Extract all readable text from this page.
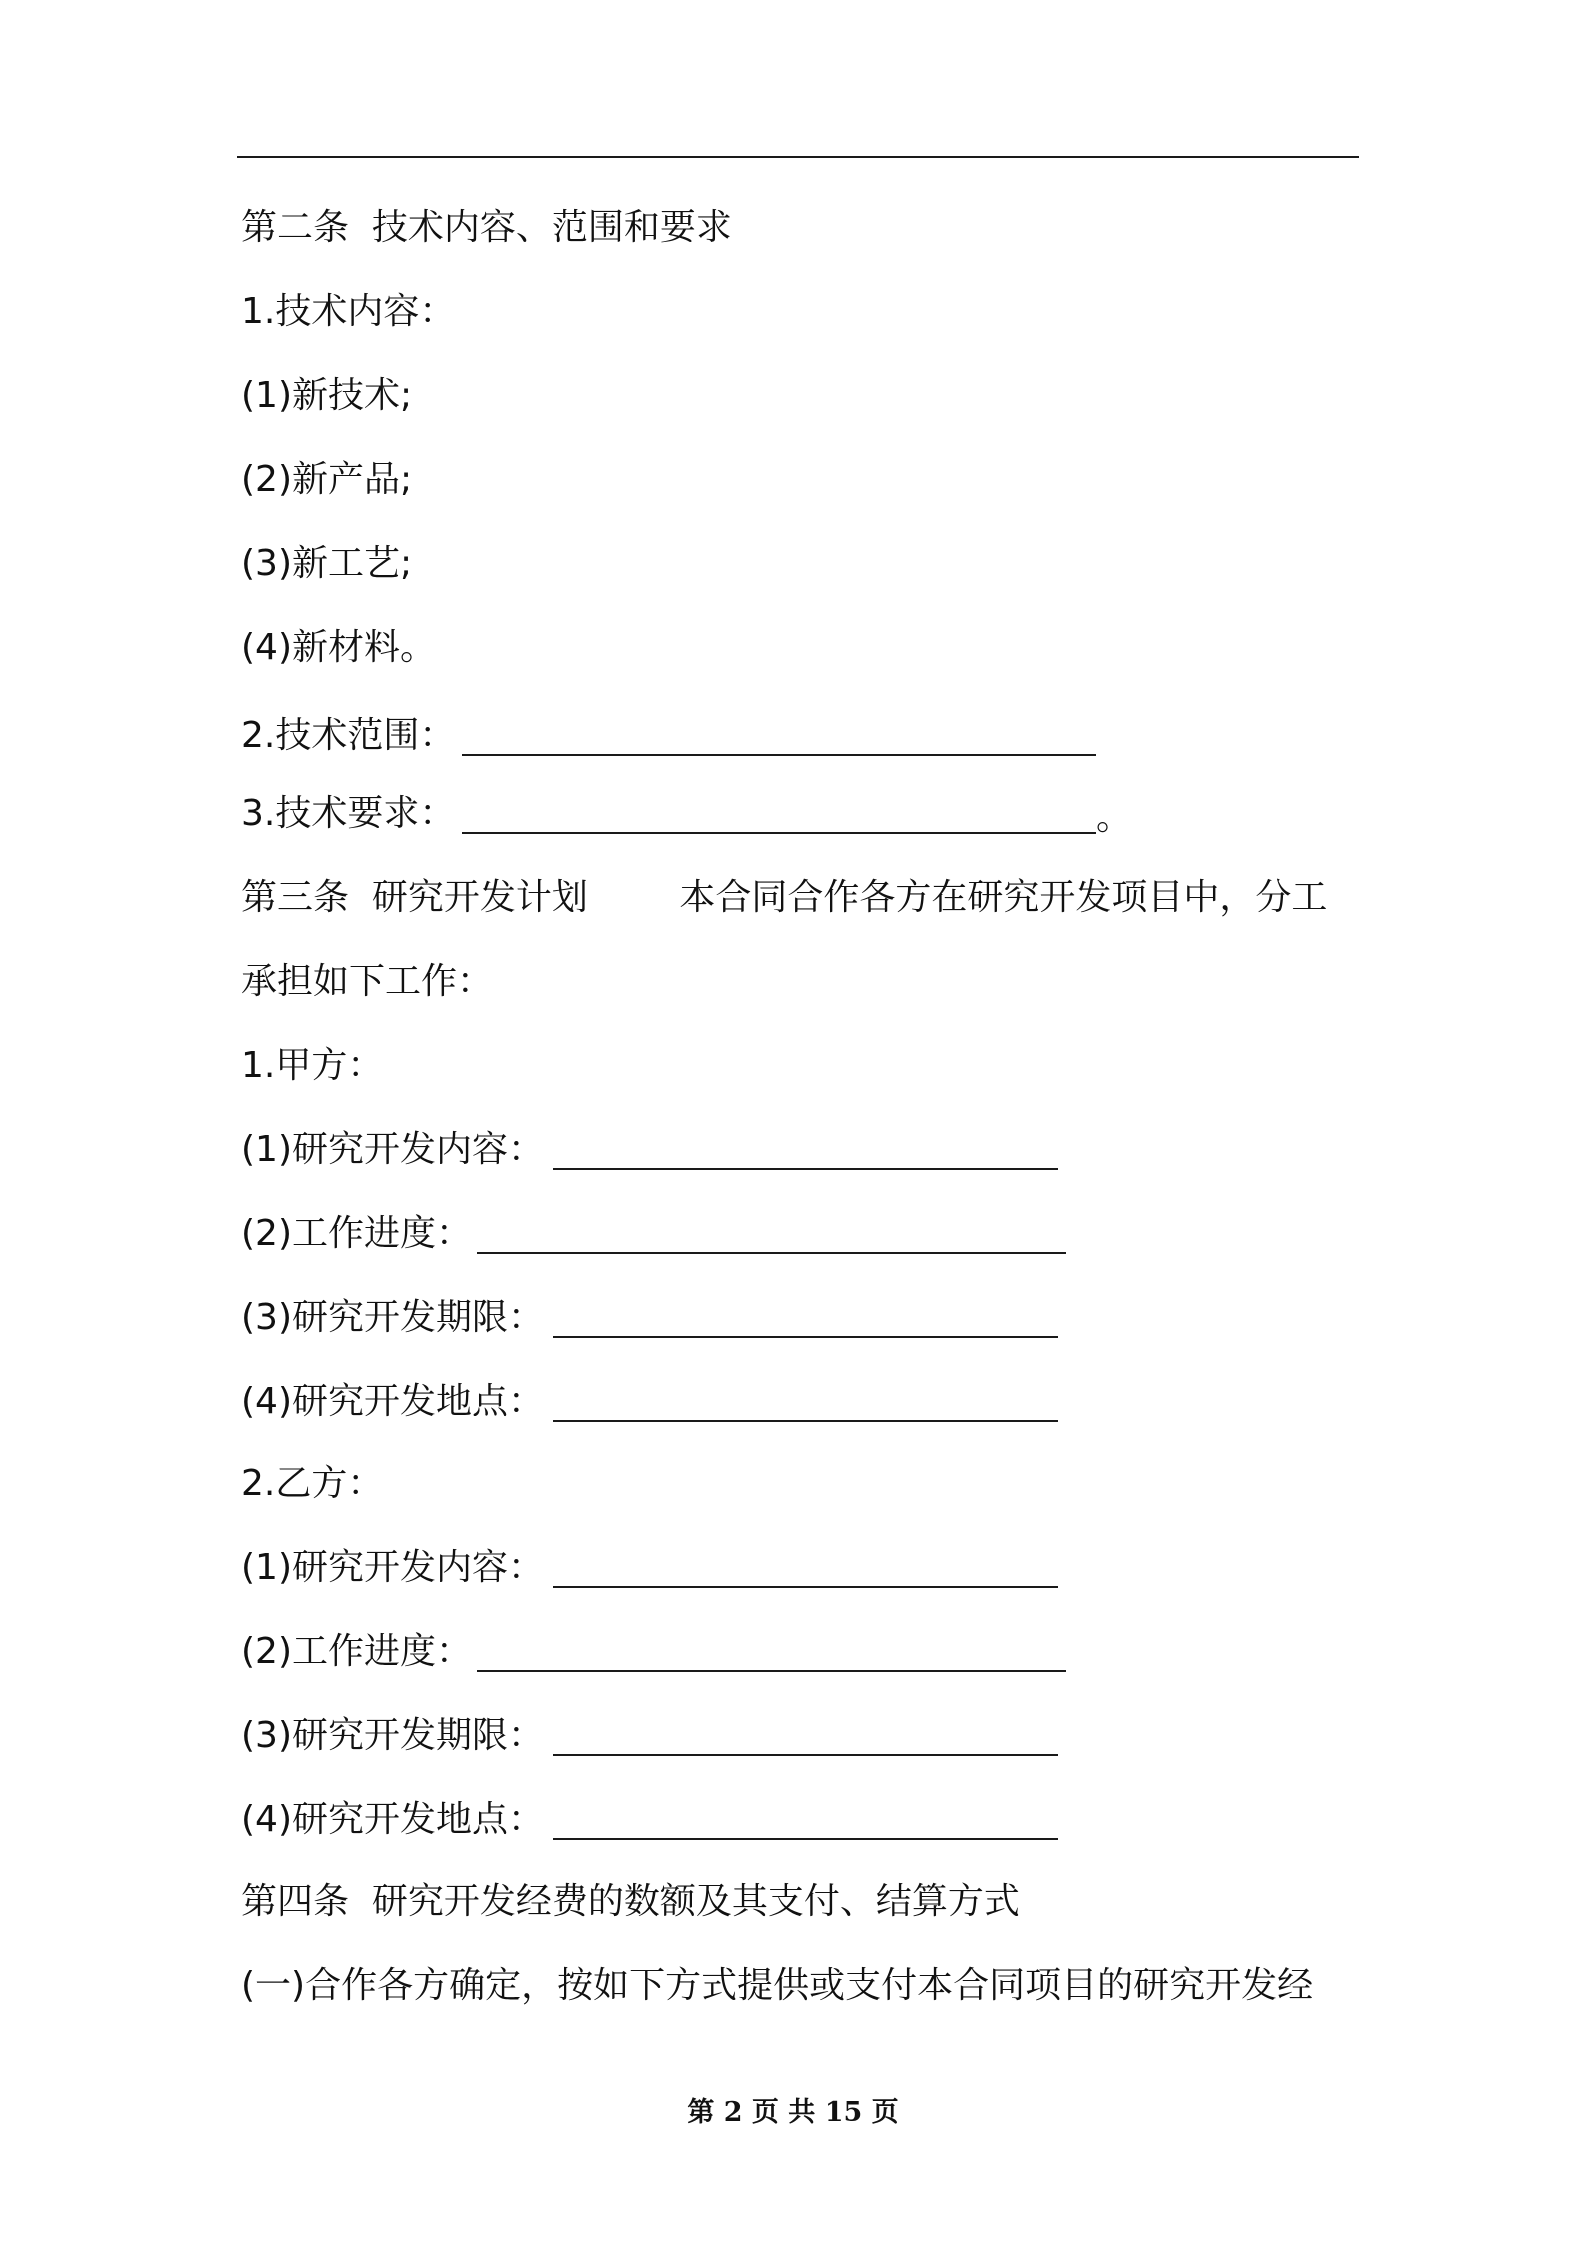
第二条  技术内容、范围和要求
1.技术内容：
(1)新技术;
(2)新产品;
(3)新工艺;
(4)新材料。
2.技术范围：
3.技术要求：	。
第三条  研究开发计划        本合同合作各方在研究开发项目中，分工
承担如下工作：
1.甲方：
(1)研究开发内容：
(2)工作进度：
(3)研究开发期限：
(4)研究开发地点：
2.乙方：
(1)研究开发内容：
(2)工作进度：
(3)研究开发期限：
(4)研究开发地点：
第四条  研究开发经费的数额及其支付、结算方式
(一)合作各方确定，按如下方式提供或支付本合同项目的研究开发经
第 2 页 共 15 页
